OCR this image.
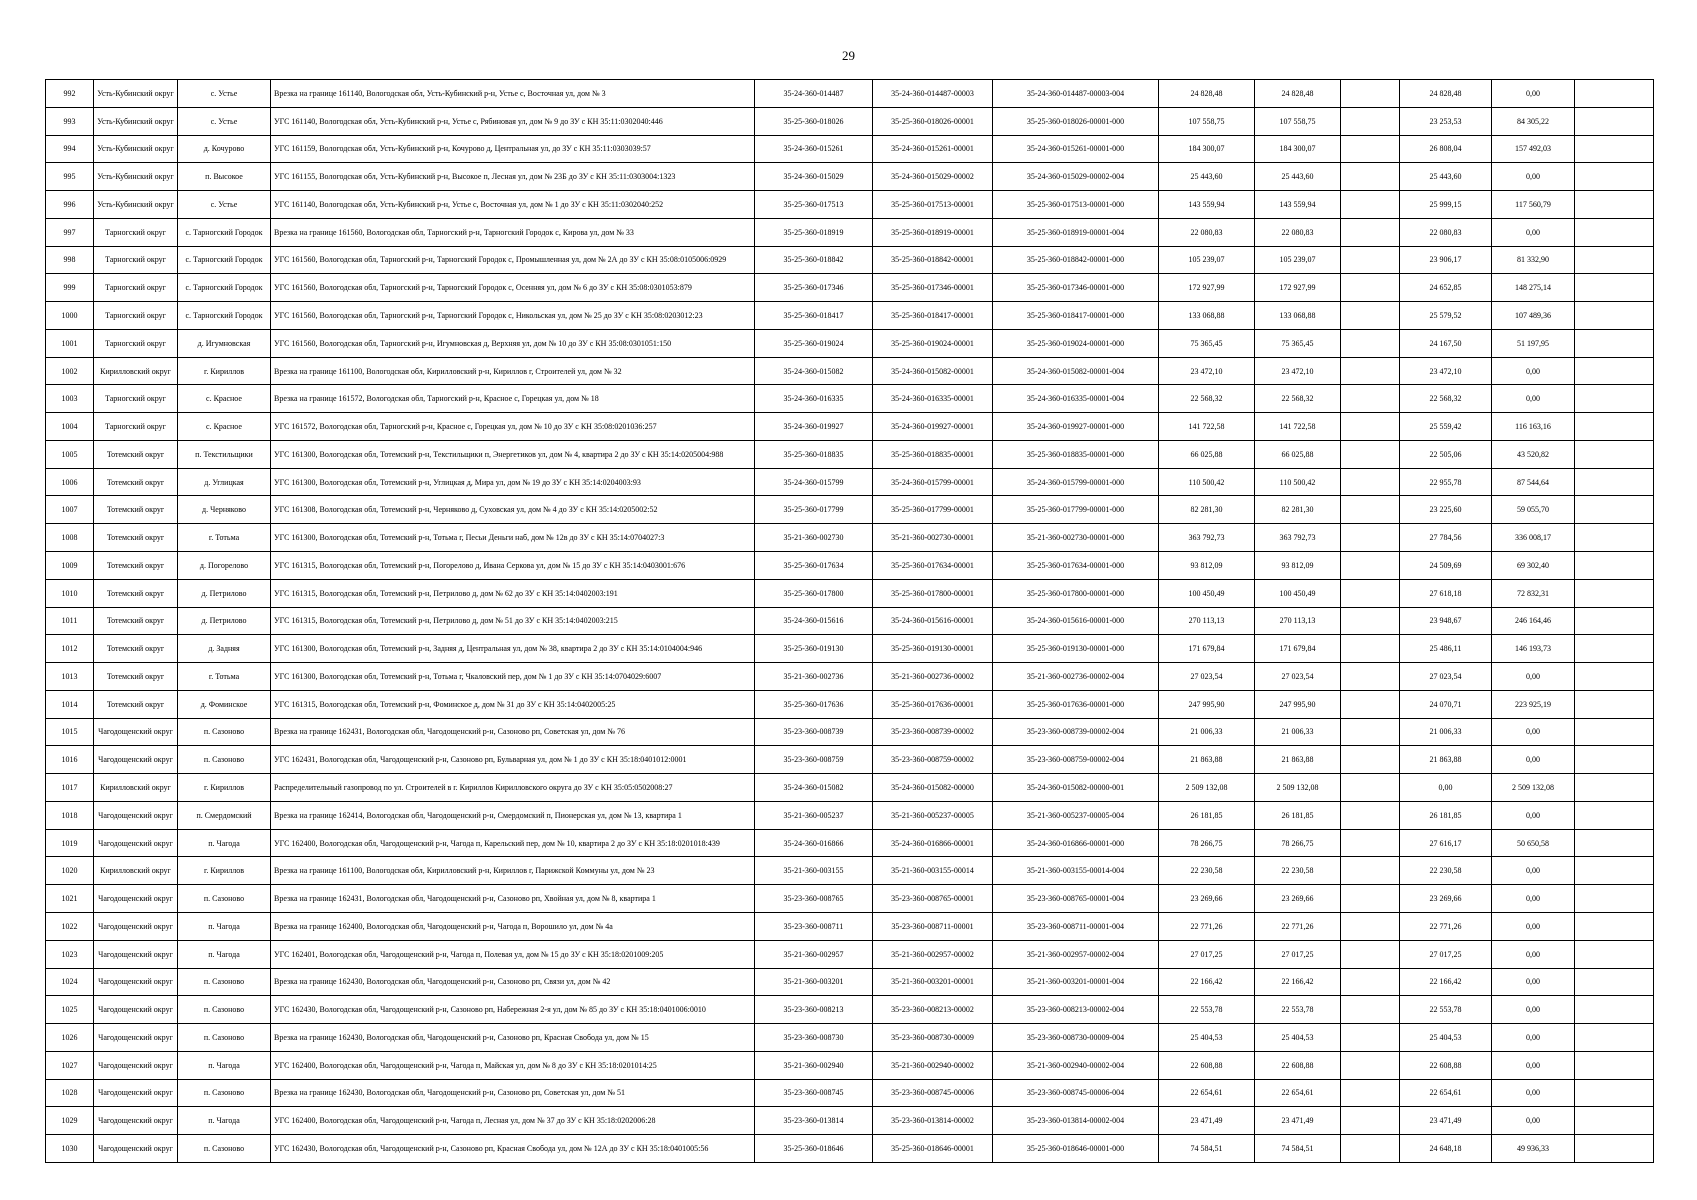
29
992	Усть-Кубинский округ	с. Устье	Врезка на границе 161140, Вологодская обл, Усть-Кубинский р-н, Устье с, Восточная ул, дом № 3	35-24-360-014487	35-24-360-014487-00003	35-24-360-014487-00003-004	24 828,48	24 828,48		24 828,48	0,00	
993	Усть-Кубинский округ	с. Устье	УГС 161140, Вологодская обл, Усть-Кубинский р-н, Устье с, Рябиновая ул, дом № 9 до ЗУ с КН 35:11:0302040:446	35-25-360-018026	35-25-360-018026-00001	35-25-360-018026-00001-000	107 558,75	107 558,75		23 253,53	84 305,22	
994	Усть-Кубинский округ	д. Кочурово	УГС 161159, Вологодская обл, Усть-Кубинский р-н, Кочурово д, Центральная ул, до ЗУ с КН 35:11:0303039:57	35-24-360-015261	35-24-360-015261-00001	35-24-360-015261-00001-000	184 300,07	184 300,07		26 808,04	157 492,03	
995	Усть-Кубинский округ	п. Высокое	УГС 161155, Вологодская обл, Усть-Кубинский р-н, Высокое п, Лесная ул, дом № 23Б до ЗУ с КН 35:11:0303004:1323	35-24-360-015029	35-24-360-015029-00002	35-24-360-015029-00002-004	25 443,60	25 443,60		25 443,60	0,00	
996	Усть-Кубинский округ	с. Устье	УГС 161140, Вологодская обл, Усть-Кубинский р-н, Устье с, Восточная ул, дом № 1 до ЗУ с КН 35:11:0302040:252	35-25-360-017513	35-25-360-017513-00001	35-25-360-017513-00001-000	143 559,94	143 559,94		25 999,15	117 560,79	
997	Тарногский округ	с. Тарногский Городок	Врезка на границе 161560, Вологодская обл, Тарногский р-н, Тарногский Городок с, Кирова ул, дом № 33	35-25-360-018919	35-25-360-018919-00001	35-25-360-018919-00001-004	22 080,83	22 080,83		22 080,83	0,00	
998	Тарногский округ	с. Тарногский Городок	УГС 161560, Вологодская обл, Тарногский р-н, Тарногский Городок с, Промышленная ул, дом № 2А до ЗУ с КН 35:08:0105006:0929	35-25-360-018842	35-25-360-018842-00001	35-25-360-018842-00001-000	105 239,07	105 239,07		23 906,17	81 332,90	
999	Тарногский округ	с. Тарногский Городок	УГС 161560, Вологодская обл, Тарногский р-н, Тарногский Городок с, Осенняя ул, дом № 6 до ЗУ с КН 35:08:0301053:879	35-25-360-017346	35-25-360-017346-00001	35-25-360-017346-00001-000	172 927,99	172 927,99		24 652,85	148 275,14	
1000	Тарногский округ	с. Тарногский Городок	УГС 161560, Вологодская обл, Тарногский р-н, Тарногский Городок с, Никольская ул, дом № 25 до ЗУ с КН 35:08:0203012:23	35-25-360-018417	35-25-360-018417-00001	35-25-360-018417-00001-000	133 068,88	133 068,88		25 579,52	107 489,36	
1001	Тарногский округ	д. Игумновская	УГС 161560, Вологодская обл, Тарногский р-н, Игумновская д, Верхняя ул, дом № 10 до ЗУ с КН 35:08:0301051:150	35-25-360-019024	35-25-360-019024-00001	35-25-360-019024-00001-000	75 365,45	75 365,45		24 167,50	51 197,95	
1002	Кирилловский округ	г. Кириллов	Врезка на границе 161100, Вологодская обл, Кирилловский р-н, Кириллов г, Строителей ул, дом № 32	35-24-360-015082	35-24-360-015082-00001	35-24-360-015082-00001-004	23 472,10	23 472,10		23 472,10	0,00	
1003	Тарногский округ	с. Красное	Врезка на границе 161572, Вологодская обл, Тарногский р-н, Красное с, Горецкая ул, дом № 18	35-24-360-016335	35-24-360-016335-00001	35-24-360-016335-00001-004	22 568,32	22 568,32		22 568,32	0,00	
1004	Тарногский округ	с. Красное	УГС 161572, Вологодская обл, Тарногский р-н, Красное с, Горецкая ул, дом № 10 до ЗУ с КН 35:08:0201036:257	35-24-360-019927	35-24-360-019927-00001	35-24-360-019927-00001-000	141 722,58	141 722,58		25 559,42	116 163,16	
1005	Тотемский округ	п. Текстильщики	УГС 161300, Вологодская обл, Тотемский р-н, Текстильщики п, Энергетиков ул, дом № 4, квартира 2 до ЗУ с КН 35:14:0205004:988	35-25-360-018835	35-25-360-018835-00001	35-25-360-018835-00001-000	66 025,88	66 025,88		22 505,06	43 520,82	
1006	Тотемский округ	д. Углицкая	УГС 161300, Вологодская обл, Тотемский р-н, Углицкая д, Мира ул, дом № 19 до ЗУ с КН 35:14:0204003:93	35-24-360-015799	35-24-360-015799-00001	35-24-360-015799-00001-000	110 500,42	110 500,42		22 955,78	87 544,64	
1007	Тотемский округ	д. Черняково	УГС 161308, Вологодская обл, Тотемский р-н, Черняково д, Суховская ул, дом № 4 до ЗУ с КН 35:14:0205002:52	35-25-360-017799	35-25-360-017799-00001	35-25-360-017799-00001-000	82 281,30	82 281,30		23 225,60	59 055,70	
1008	Тотемский округ	г. Тотьма	УГС 161300, Вологодская обл, Тотемский р-н, Тотьма г, Песьи Деньги наб, дом № 12в до ЗУ с КН 35:14:0704027:3	35-21-360-002730	35-21-360-002730-00001	35-21-360-002730-00001-000	363 792,73	363 792,73		27 784,56	336 008,17	
1009	Тотемский округ	д. Погорелово	УГС 161315, Вологодская обл, Тотемский р-н, Погорелово д, Ивана Серкова ул, дом № 15 до ЗУ с КН 35:14:0403001:676	35-25-360-017634	35-25-360-017634-00001	35-25-360-017634-00001-000	93 812,09	93 812,09		24 509,69	69 302,40	
1010	Тотемский округ	д. Петрилово	УГС 161315, Вологодская обл, Тотемский р-н, Петрилово д, дом № 62 до ЗУ с КН 35:14:0402003:191	35-25-360-017800	35-25-360-017800-00001	35-25-360-017800-00001-000	100 450,49	100 450,49		27 618,18	72 832,31	
1011	Тотемский округ	д. Петрилово	УГС 161315, Вологодская обл, Тотемский р-н, Петрилово д, дом № 51 до ЗУ с КН 35:14:0402003:215	35-24-360-015616	35-24-360-015616-00001	35-24-360-015616-00001-000	270 113,13	270 113,13		23 948,67	246 164,46	
1012	Тотемский округ	д. Задняя	УГС 161300, Вологодская обл, Тотемский р-н, Задняя д, Центральная ул, дом № 38, квартира 2 до ЗУ с КН 35:14:0104004:946	35-25-360-019130	35-25-360-019130-00001	35-25-360-019130-00001-000	171 679,84	171 679,84		25 486,11	146 193,73	
1013	Тотемский округ	г. Тотьма	УГС 161300, Вологодская обл, Тотемский р-н, Тотьма г, Чкаловский пер, дом № 1 до ЗУ с КН 35:14:0704029:6007	35-21-360-002736	35-21-360-002736-00002	35-21-360-002736-00002-004	27 023,54	27 023,54		27 023,54	0,00	
1014	Тотемский округ	д. Фоминское	УГС 161315, Вологодская обл, Тотемский р-н, Фоминское д, дом № 31 до ЗУ с КН 35:14:0402005:25	35-25-360-017636	35-25-360-017636-00001	35-25-360-017636-00001-000	247 995,90	247 995,90		24 070,71	223 925,19	
1015	Чагодощенский округ	п. Сазоново	Врезка на границе 162431, Вологодская обл, Чагодощенский р-н, Сазоново рп, Советская ул, дом № 76	35-23-360-008739	35-23-360-008739-00002	35-23-360-008739-00002-004	21 006,33	21 006,33		21 006,33	0,00	
1016	Чагодощенский округ	п. Сазоново	УГС 162431, Вологодская обл, Чагодощенский р-н, Сазоново рп, Бульварная ул, дом № 1 до ЗУ с КН 35:18:0401012:0001	35-23-360-008759	35-23-360-008759-00002	35-23-360-008759-00002-004	21 863,88	21 863,88		21 863,88	0,00	
1017	Кирилловский округ	г. Кириллов	Распределительный газопровод по ул. Строителей в г. Кириллов Кирилловского округа до ЗУ с КН 35:05:0502008:27	35-24-360-015082	35-24-360-015082-00000	35-24-360-015082-00000-001	2 509 132,08	2 509 132,08		0,00	2 509 132,08	
1018	Чагодощенский округ	п. Смердомский	Врезка на границе 162414, Вологодская обл, Чагодощенский р-н, Смердомский п, Пионерская ул, дом № 13, квартира 1	35-21-360-005237	35-21-360-005237-00005	35-21-360-005237-00005-004	26 181,85	26 181,85		26 181,85	0,00	
1019	Чагодощенский округ	п. Чагода	УГС 162400, Вологодская обл, Чагодощенский р-н, Чагода п, Карельский пер, дом № 10, квартира 2 до ЗУ с КН 35:18:0201018:439	35-24-360-016866	35-24-360-016866-00001	35-24-360-016866-00001-000	78 266,75	78 266,75		27 616,17	50 650,58	
1020	Кирилловский округ	г. Кириллов	Врезка на границе 161100, Вологодская обл, Кирилловский р-н, Кириллов г, Парижской Коммуны ул, дом № 23	35-21-360-003155	35-21-360-003155-00014	35-21-360-003155-00014-004	22 230,58	22 230,58		22 230,58	0,00	
1021	Чагодощенский округ	п. Сазоново	Врезка на границе 162431, Вологодская обл, Чагодощенский р-н, Сазоново рп, Хвойная ул, дом № 8, квартира 1	35-23-360-008765	35-23-360-008765-00001	35-23-360-008765-00001-004	23 269,66	23 269,66		23 269,66	0,00	
1022	Чагодощенский округ	п. Чагода	Врезка на границе 162400, Вологодская обл, Чагодощенский р-н, Чагода п, Ворошило ул, дом № 4а	35-23-360-008711	35-23-360-008711-00001	35-23-360-008711-00001-004	22 771,26	22 771,26		22 771,26	0,00	
1023	Чагодощенский округ	п. Чагода	УГС 162401, Вологодская обл, Чагодощенский р-н, Чагода п, Полевая ул, дом № 15 до ЗУ с КН 35:18:0201009:205	35-21-360-002957	35-21-360-002957-00002	35-21-360-002957-00002-004	27 017,25	27 017,25		27 017,25	0,00	
1024	Чагодощенский округ	п. Сазоново	Врезка на границе 162430, Вологодская обл, Чагодощенский р-н, Сазоново рп, Связи ул, дом № 42	35-21-360-003201	35-21-360-003201-00001	35-21-360-003201-00001-004	22 166,42	22 166,42		22 166,42	0,00	
1025	Чагодощенский округ	п. Сазоново	УГС 162430, Вологодская обл, Чагодощенский р-н, Сазоново рп, Набережная 2-я ул, дом № 85 до ЗУ с КН 35:18:0401006:0010	35-23-360-008213	35-23-360-008213-00002	35-23-360-008213-00002-004	22 553,78	22 553,78		22 553,78	0,00	
1026	Чагодощенский округ	п. Сазоново	Врезка на границе 162430, Вологодская обл, Чагодощенский р-н, Сазоново рп, Красная Свобода ул, дом № 15	35-23-360-008730	35-23-360-008730-00009	35-23-360-008730-00009-004	25 404,53	25 404,53		25 404,53	0,00	
1027	Чагодощенский округ	п. Чагода	УГС 162400, Вологодская обл, Чагодощенский р-н, Чагода п, Майская ул, дом № 8 до ЗУ с КН 35:18:0201014:25	35-21-360-002940	35-21-360-002940-00002	35-21-360-002940-00002-004	22 608,88	22 608,88		22 608,88	0,00	
1028	Чагодощенский округ	п. Сазоново	Врезка на границе 162430, Вологодская обл, Чагодощенский р-н, Сазоново рп, Советская ул, дом № 51	35-23-360-008745	35-23-360-008745-00006	35-23-360-008745-00006-004	22 654,61	22 654,61		22 654,61	0,00	
1029	Чагодощенский округ	п. Чагода	УГС 162400, Вологодская обл, Чагодощенский р-н, Чагода п, Лесная ул, дом № 37 до ЗУ с КН 35:18:0202006:28	35-23-360-013814	35-23-360-013814-00002	35-23-360-013814-00002-004	23 471,49	23 471,49		23 471,49	0,00	
1030	Чагодощенский округ	п. Сазоново	УГС 162430, Вологодская обл, Чагодощенский р-н, Сазоново рп, Красная Свобода ул, дом № 12А до ЗУ с КН 35:18:0401005:56	35-25-360-018646	35-25-360-018646-00001	35-25-360-018646-00001-000	74 584,51	74 584,51		24 648,18	49 936,33	
